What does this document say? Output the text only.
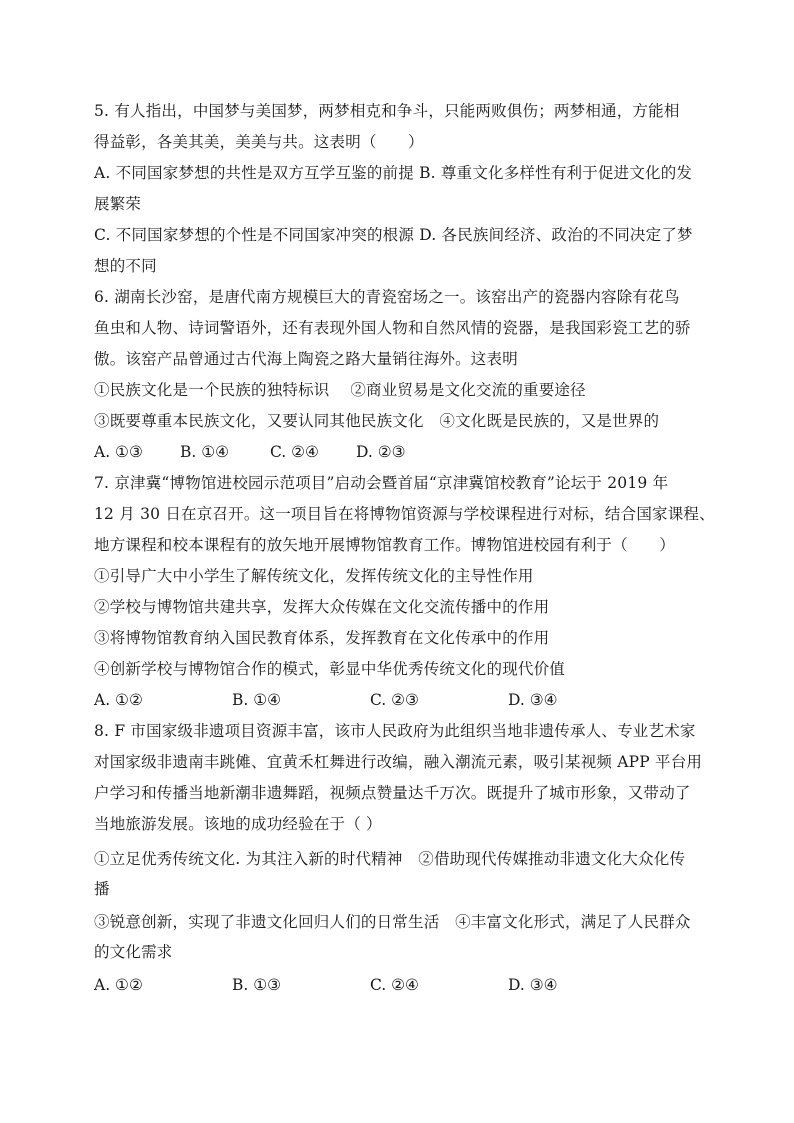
5. 有人指出，中国梦与美国梦，两梦相克和争斗，只能两败俱伤；两梦相通，方能相

得益彰，各美其美，美美与共。这表明（　　）

A. 不同国家梦想的共性是双方互学互鉴的前提 B. 尊重文化多样性有利于促进文化的发

展繁荣

C. 不同国家梦想的个性是不同国家冲突的根源 D. 各民族间经济、政治的不同决定了梦

想的不同

6. 湖南长沙窑，是唐代南方规模巨大的青瓷窑场之一。该窑出产的瓷器内容除有花鸟

鱼虫和人物、诗词警语外，还有表现外国人物和自然风情的瓷器，是我国彩瓷工艺的骄

傲。该窑产品曾通过古代海上陶瓷之路大量销往海外。这表明

①民族文化是一个民族的独特标识　 ②商业贸易是文化交流的重要途径

③既要尊重本民族文化，又要认同其他民族文化　④文化既是民族的，又是世界的

A. ①③ B. ①④	C. ②④ D. ②③

7. 京津冀“博物馆进校园示范项目”启动会暨首届“京津冀馆校教育”论坛于 2019 年

12 月 30 日在京召开。这一项目旨在将博物馆资源与学校课程进行对标，结合国家课程、

地方课程和校本课程有的放矢地开展博物馆教育工作。博物馆进校园有利于（　　）

①引导广大中小学生了解传统文化，发挥传统文化的主导性作用

②学校与博物馆共建共享，发挥大众传媒在文化交流传播中的作用

③将博物馆教育纳入国民教育体系，发挥教育在文化传承中的作用

④创新学校与博物馆合作的模式，彰显中华优秀传统文化的现代价值

A. ①②	B. ①④	C. ②③	D. ③④

8. F 市国家级非遗项目资源丰富，该市人民政府为此组织当地非遗传承人、专业艺术家

对国家级非遗南丰跳傩、宜黄禾杠舞进行改编，融入潮流元素，吸引某视频 APP 平台用

户学习和传播当地新潮非遗舞蹈，视频点赞量达千万次。既提升了城市形象，又带动了

当地旅游发展。该地的成功经验在于（ ）

①立足优秀传统文化. 为其注入新的时代精神　②借助现代传媒推动非遗文化大众化传

播

③锐意创新，实现了非遗文化回归人们的日常生活　④丰富文化形式，满足了人民群众

的文化需求

A. ①②	B. ①③	C. ②④	D. ③④
